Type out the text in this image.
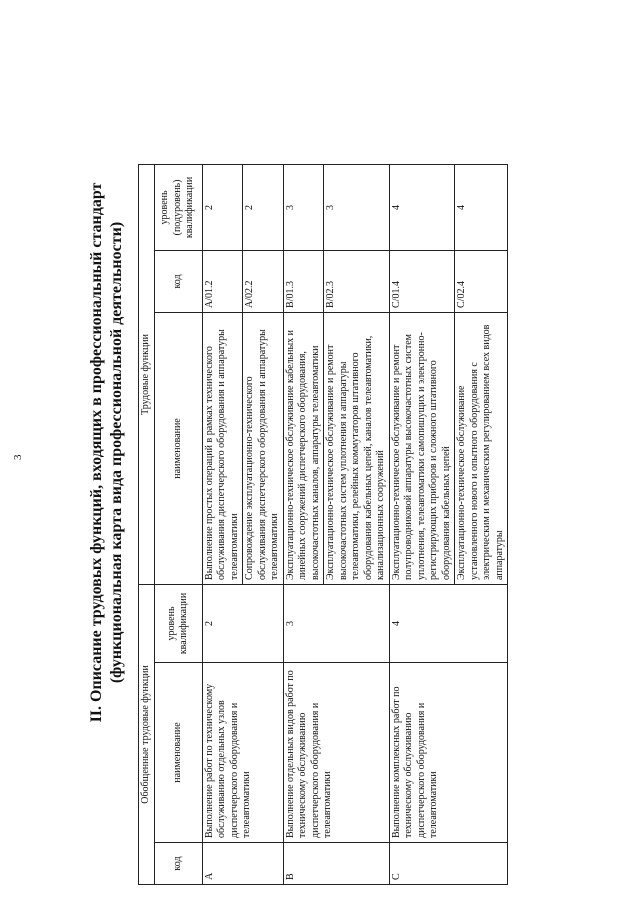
3	II. Описание трудовых функций, входящих в профессиональный стандарт (функциональная карта вида профессиональной деятельности)
Обобщенные трудовые функции			Трудовые функции		
код	наименование	уровень квалификации	наименование	код	уровень (подуровень) квалификации
A	Выполнение работ по техническому обслуживанию отдельных узлов диспетчерского оборудования и телеавтоматики	2	Выполнение простых операций в рамках технического обслуживания диспетчерского оборудования и аппаратуры телеавтоматики	A/01.2	2
			Сопровождение эксплуатационно-технического обслуживания диспетчерского оборудования и аппаратуры телеавтоматики	A/02.2	2
B	Выполнение отдельных видов работ по техническому обслуживанию диспетчерского оборудования и телеавтоматики	3	Эксплуатационно-техническое обслуживание кабельных и линейных сооружений диспетчерского оборудования, высокочастотных каналов, аппаратуры телеавтоматики	B/01.3	3
			Эксплуатационно-техническое обслуживание и ремонт высокочастотных систем уплотнения и аппаратуры телеавтоматики, релейных коммутаторов штативного оборудования кабельных цепей, каналов телеавтоматики, канализационных сооружений	B/02.3	3
C	Выполнение комплексных работ по техническому обслуживанию диспетчерского оборудования и телеавтоматики	4	Эксплуатационно-техническое обслуживание и ремонт полупроводниковой аппаратуры высокочастотных систем уплотнения, телеавтоматики самопишущих и электронно-регистрирующих приборов и сложного штативного оборудования кабельных цепей	C/01.4	4
			Эксплуатационно-техническое обслуживание установленного нового и опытного оборудования с электрическим и механическим регулированием всех видов аппаратуры	C/02.4	4
